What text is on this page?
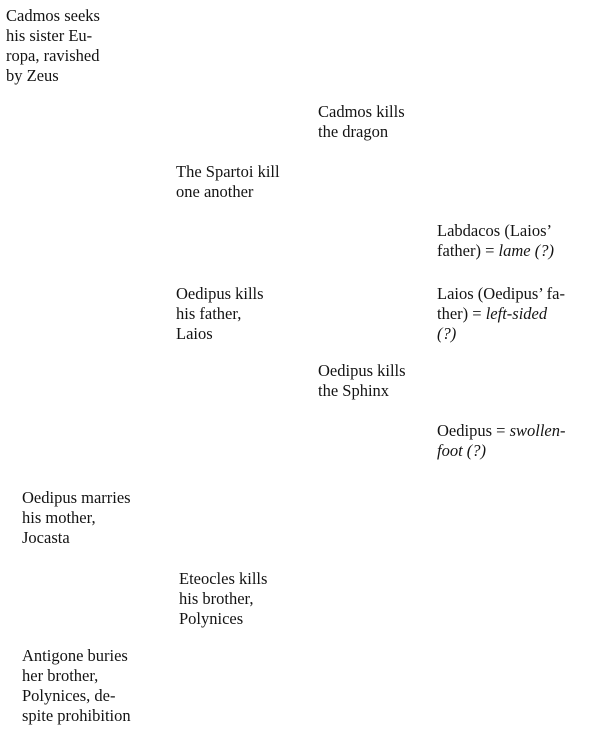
Cadmos seeks
his sister Eu-
ropa, ravished
by Zeus

Oedipus marries
his mother,
Jocasta

Antigone buries
her brother,
Polynices, de-
spite prohibition

The Spartoi kill
one another

Oedipus kills
his father,
Laios

Eteocles kills
his brother,
Polynices

Cadmos kills
the dragon

Oedipus kills
the Sphinx

Labdacos (Laios’
father) = lame (?)

Laios (Oedipus’ fa-
ther) = left-sided
(?)

Oedipus = swollen-
foot (?)
